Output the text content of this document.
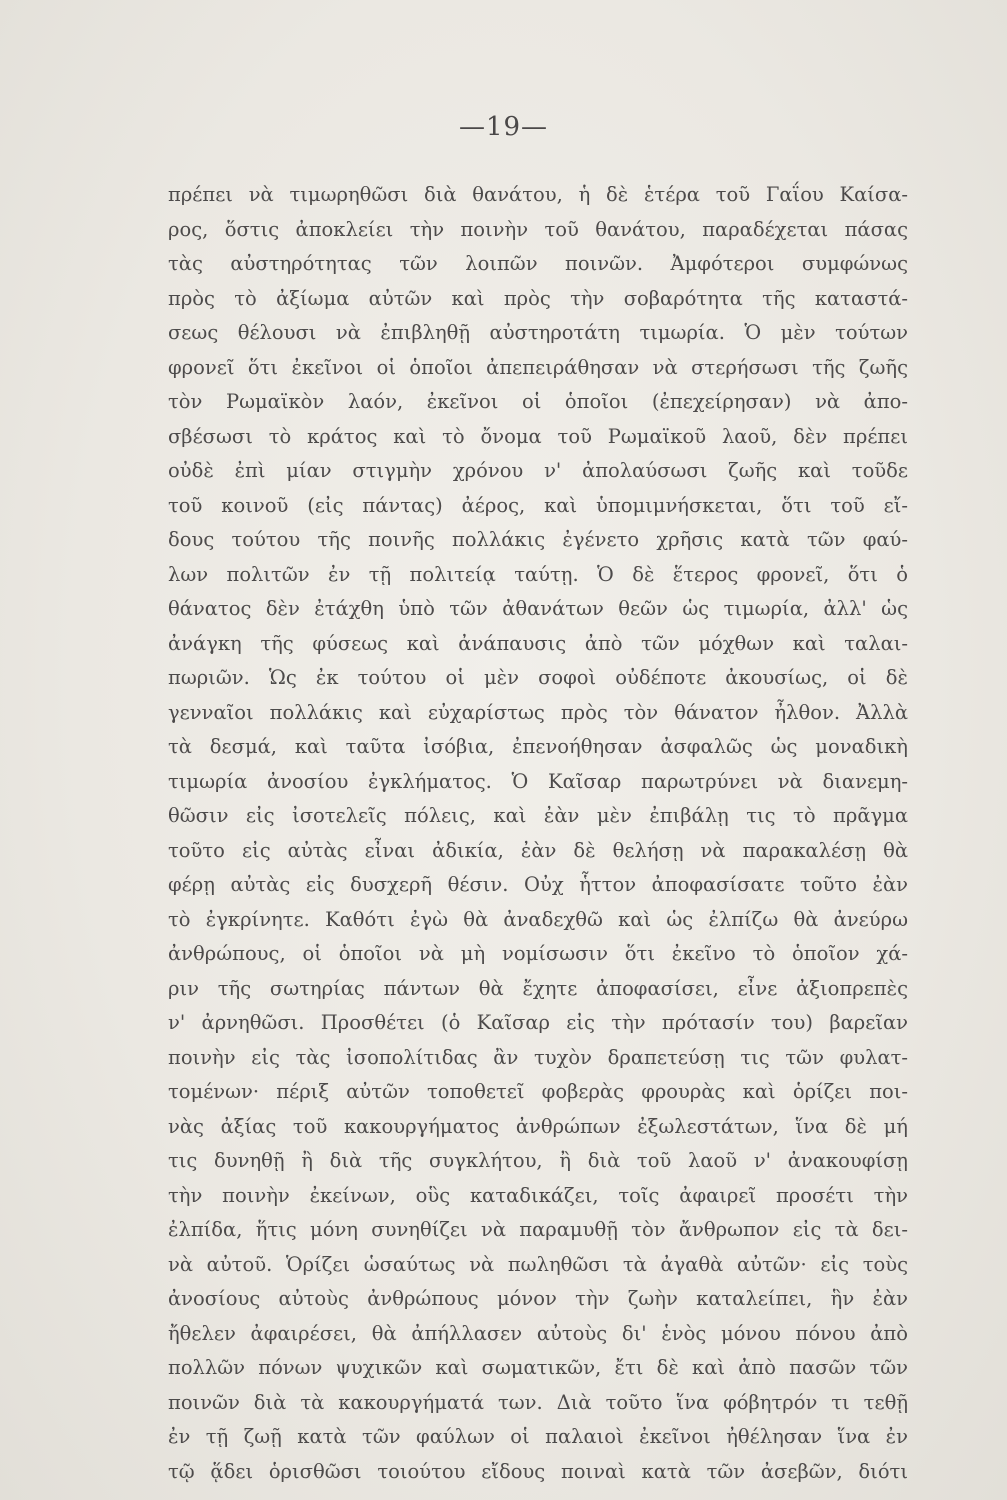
—19—
πρέπει νὰ τιμωρηθῶσι διὰ θανάτου, ἡ δὲ ἑτέρα τοῦ Γαΐου Καίσα-
ρος, ὅστις ἀποκλείει τὴν ποινὴν τοῦ θανάτου, παραδέχεται πάσας
τὰς αὐστηρότητας τῶν λοιπῶν ποινῶν. Ἀμφότεροι συμφώνως
πρὸς τὸ ἀξίωμα αὐτῶν καὶ πρὸς τὴν σοβαρότητα τῆς καταστά-
σεως θέλουσι νὰ ἐπιβληθῇ αὐστηροτάτη τιμωρία. Ὁ μὲν τούτων
φρονεῖ ὅτι ἐκεῖνοι οἱ ὁποῖοι ἀπεπειράθησαν νὰ στερήσωσι τῆς ζωῆς
τὸν Ρωμαϊκὸν λαόν, ἐκεῖνοι οἱ ὁποῖοι (ἐπεχείρησαν) νὰ ἀπο-
σβέσωσι τὸ κράτος καὶ τὸ ὄνομα τοῦ Ρωμαϊκοῦ λαοῦ, δὲν πρέπει
οὐδὲ ἐπὶ μίαν στιγμὴν χρόνου ν' ἀπολαύσωσι ζωῆς καὶ τοῦδε
τοῦ κοινοῦ (εἰς πάντας) ἀέρος, καὶ ὑπομιμνήσκεται, ὅτι τοῦ εἴ-
δους τούτου τῆς ποινῆς πολλάκις ἐγένετο χρῆσις κατὰ τῶν φαύ-
λων πολιτῶν ἐν τῇ πολιτείᾳ ταύτῃ. Ὁ δὲ ἕτερος φρονεῖ, ὅτι ὁ
θάνατος δὲν ἐτάχθη ὑπὸ τῶν ἀθανάτων θεῶν ὡς τιμωρία, ἀλλ' ὡς
ἀνάγκη τῆς φύσεως καὶ ἀνάπαυσις ἀπὸ τῶν μόχθων καὶ ταλαι-
πωριῶν. Ὡς ἐκ τούτου οἱ μὲν σοφοὶ οὐδέποτε ἀκουσίως, οἱ δὲ
γενναῖοι πολλάκις καὶ εὐχαρίστως πρὸς τὸν θάνατον ἦλθον. Ἀλλὰ
τὰ δεσμά, καὶ ταῦτα ἰσόβια, ἐπενοήθησαν ἀσφαλῶς ὡς μοναδικὴ
τιμωρία ἀνοσίου ἐγκλήματος. Ὁ Καῖσαρ παρωτρύνει νὰ διανεμη-
θῶσιν εἰς ἰσοτελεῖς πόλεις, καὶ ἐὰν μὲν ἐπιβάλῃ τις τὸ πρᾶγμα
τοῦτο εἰς αὐτὰς εἶναι ἀδικία, ἐὰν δὲ θελήσῃ νὰ παρακαλέσῃ θὰ
φέρῃ αὐτὰς εἰς δυσχερῆ θέσιν. Οὐχ ἧττον ἀποφασίσατε τοῦτο ἐὰν
τὸ ἐγκρίνητε. Καθότι ἐγὼ θὰ ἀναδεχθῶ καὶ ὡς ἐλπίζω θὰ ἀνεύρω
ἀνθρώπους, οἱ ὁποῖοι νὰ μὴ νομίσωσιν ὅτι ἐκεῖνο τὸ ὁποῖον χά-
ριν τῆς σωτηρίας πάντων θὰ ἔχητε ἀποφασίσει, εἶνε ἀξιοπρεπὲς
ν' ἀρνηθῶσι. Προσθέτει (ὁ Καῖσαρ εἰς τὴν πρότασίν του) βαρεῖαν
ποινὴν εἰς τὰς ἰσοπολίτιδας ἂν τυχὸν δραπετεύσῃ τις τῶν φυλατ-
τομένων· πέριξ αὐτῶν τοποθετεῖ φοβερὰς φρουρὰς καὶ ὁρίζει ποι-
νὰς ἀξίας τοῦ κακουργήματος ἀνθρώπων ἐξωλεστάτων, ἵνα δὲ μή
τις δυνηθῇ ἢ διὰ τῆς συγκλήτου, ἢ διὰ τοῦ λαοῦ ν' ἀνακουφίσῃ
τὴν ποινὴν ἐκείνων, οὓς καταδικάζει, τοῖς ἀφαιρεῖ προσέτι τὴν
ἐλπίδα, ἥτις μόνη συνηθίζει νὰ παραμυθῇ τὸν ἄνθρωπον εἰς τὰ δει-
νὰ αὐτοῦ. Ὁρίζει ὡσαύτως νὰ πωληθῶσι τὰ ἀγαθὰ αὐτῶν· εἰς τοὺς
ἀνοσίους αὐτοὺς ἀνθρώπους μόνον τὴν ζωὴν καταλείπει, ἣν ἐὰν
ἤθελεν ἀφαιρέσει, θὰ ἀπήλλασεν αὐτοὺς δι' ἑνὸς μόνου πόνου ἀπὸ
πολλῶν πόνων ψυχικῶν καὶ σωματικῶν, ἔτι δὲ καὶ ἀπὸ πασῶν τῶν
ποινῶν διὰ τὰ κακουργήματά των. Διὰ τοῦτο ἵνα φόβητρόν τι τεθῇ
ἐν τῇ ζωῇ κατὰ τῶν φαύλων οἱ παλαιοὶ ἐκεῖνοι ἠθέλησαν ἵνα ἐν
τῷ ᾅδει ὁρισθῶσι τοιούτου εἴδους ποιναὶ κατὰ τῶν ἀσεβῶν, διότι
